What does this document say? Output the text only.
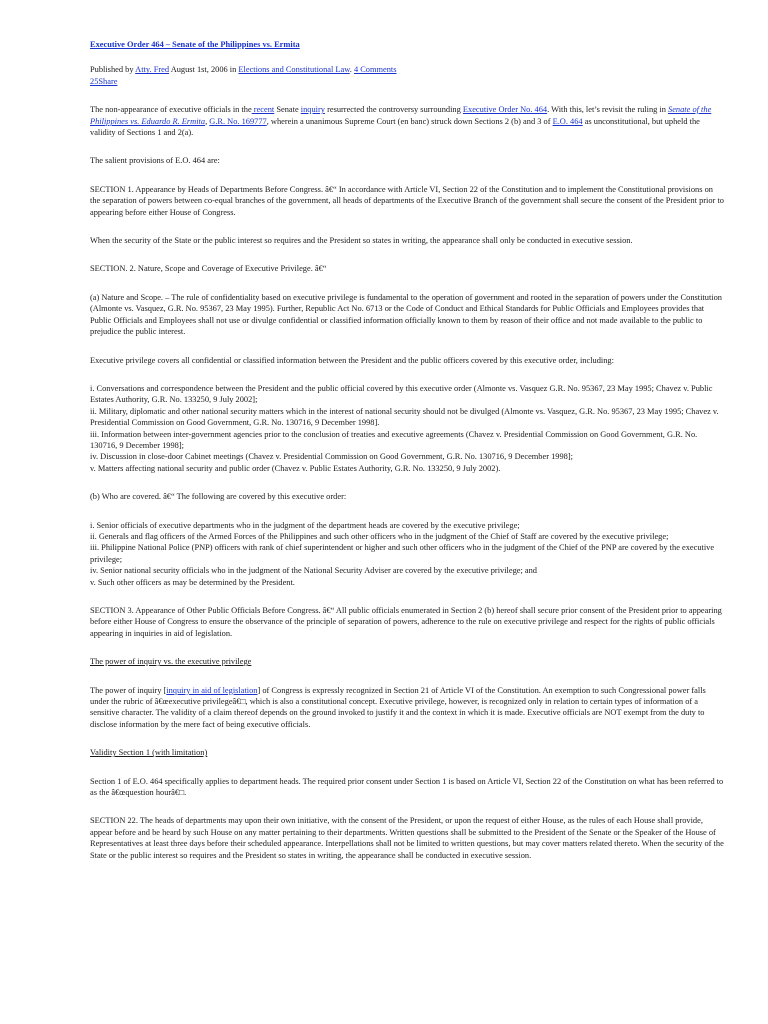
Executive Order 464 – Senate of the Philippines vs. Ermita

Published by Atty. Fred August 1st, 2006 in Elections and Constitutional Law. 4 Comments
25Share

The non-appearance of executive officials in the recent Senate inquiry resurrected the controversy surrounding Executive Order No. 464. With this, let’s revisit the ruling in Senate of the Philippines vs. Eduardo R. Ermita, G.R. No. 169777, wherein a unanimous Supreme Court (en banc) struck down Sections 2 (b) and 3 of E.O. 464 as unconstitutional, but upheld the validity of Sections 1 and 2(a).

The salient provisions of E.O. 464 are:

SECTION 1. Appearance by Heads of Departments Before Congress. â€“ In accordance with Article VI, Section 22 of the Constitution and to implement the Constitutional provisions on the separation of powers between co-equal branches of the government, all heads of departments of the Executive Branch of the government shall secure the consent of the President prior to appearing before either House of Congress.

When the security of the State or the public interest so requires and the President so states in writing, the appearance shall only be conducted in executive session.

SECTION. 2. Nature, Scope and Coverage of Executive Privilege. â€“

(a) Nature and Scope. – The rule of confidentiality based on executive privilege is fundamental to the operation of government and rooted in the separation of powers under the Constitution (Almonte vs. Vasquez, G.R. No. 95367, 23 May 1995). Further, Republic Act No. 6713 or the Code of Conduct and Ethical Standards for Public Officials and Employees provides that Public Officials and Employees shall not use or divulge confidential or classified information officially known to them by reason of their office and not made available to the public to prejudice the public interest.

Executive privilege covers all confidential or classified information between the President and the public officers covered by this executive order, including:

i. Conversations and correspondence between the President and the public official covered by this executive order (Almonte vs. Vasquez G.R. No. 95367, 23 May 1995; Chavez v. Public Estates Authority, G.R. No. 133250, 9 July 2002];
ii. Military, diplomatic and other national security matters which in the interest of national security should not be divulged (Almonte vs. Vasquez, G.R. No. 95367, 23 May 1995; Chavez v. Presidential Commission on Good Government, G.R. No. 130716, 9 December 1998].
iii. Information between inter-government agencies prior to the conclusion of treaties and executive agreements (Chavez v. Presidential Commission on Good Government, G.R. No. 130716, 9 December 1998];
iv. Discussion in close-door Cabinet meetings (Chavez v. Presidential Commission on Good Government, G.R. No. 130716, 9 December 1998];
v. Matters affecting national security and public order (Chavez v. Public Estates Authority, G.R. No. 133250, 9 July 2002).

(b) Who are covered. â€“ The following are covered by this executive order:

i. Senior officials of executive departments who in the judgment of the department heads are covered by the executive privilege;
ii. Generals and flag officers of the Armed Forces of the Philippines and such other officers who in the judgment of the Chief of Staff are covered by the executive privilege;
iii. Philippine National Police (PNP) officers with rank of chief superintendent or higher and such other officers who in the judgment of the Chief of the PNP are covered by the executive privilege;
iv. Senior national security officials who in the judgment of the National Security Adviser are covered by the executive privilege; and
v. Such other officers as may be determined by the President.

SECTION 3. Appearance of Other Public Officials Before Congress. â€“ All public officials enumerated in Section 2 (b) hereof shall secure prior consent of the President prior to appearing before either House of Congress to ensure the observance of the principle of separation of powers, adherence to the rule on executive privilege and respect for the rights of public officials appearing in inquiries in aid of legislation.

The power of inquiry vs. the executive privilege

The power of inquiry [inquiry in aid of legislation] of Congress is expressly recognized in Section 21 of Article VI of the Constitution. An exemption to such Congressional power falls under the rubric of â€œexecutive privilegeâ€□, which is also a constitutional concept. Executive privilege, however, is recognized only in relation to certain types of information of a sensitive character. The validity of a claim thereof depends on the ground invoked to justify it and the context in which it is made. Executive officials are NOT exempt from the duty to disclose information by the mere fact of being executive officials.

Validity Section 1 (with limitation)

Section 1 of E.O. 464 specifically applies to department heads. The required prior consent under Section 1 is based on Article VI, Section 22 of the Constitution on what has been referred to as the â€œquestion hourâ€□.

SECTION 22. The heads of departments may upon their own initiative, with the consent of the President, or upon the request of either House, as the rules of each House shall provide, appear before and be heard by such House on any matter pertaining to their departments. Written questions shall be submitted to the President of the Senate or the Speaker of the House of Representatives at least three days before their scheduled appearance. Interpellations shall not be limited to written questions, but may cover matters related thereto. When the security of the State or the public interest so requires and the President so states in writing, the appearance shall be conducted in executive session.
